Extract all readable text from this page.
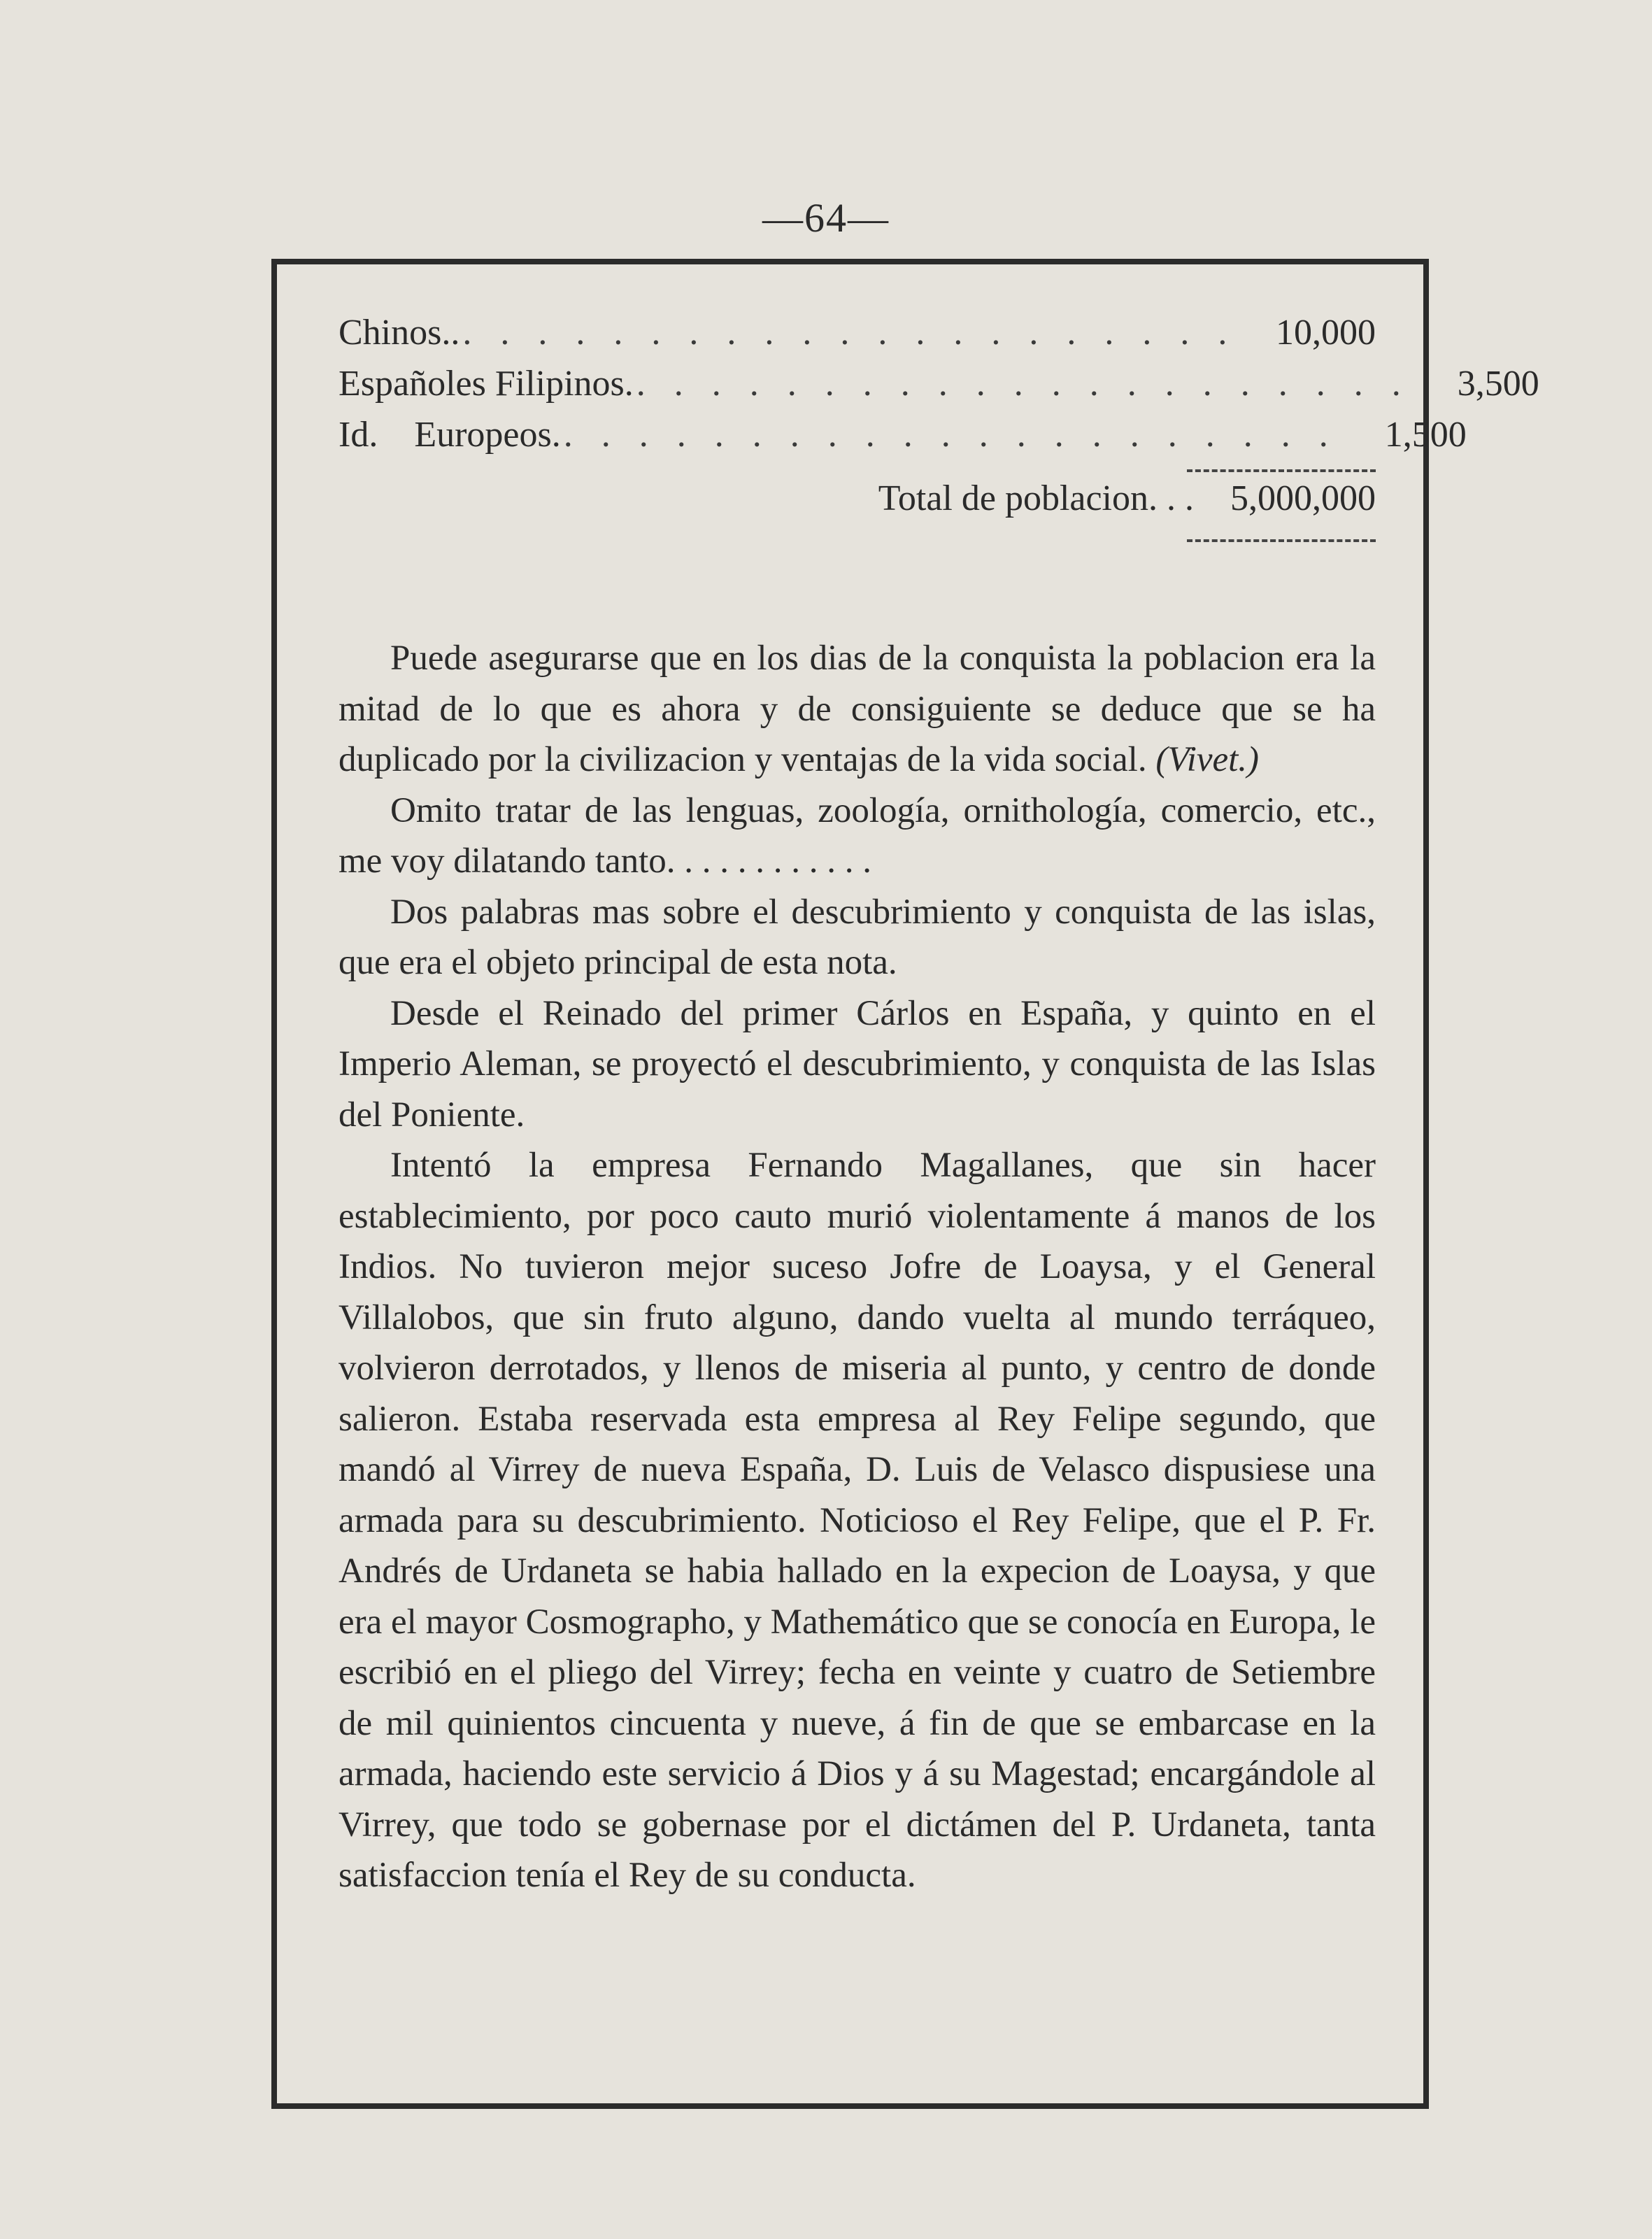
—64—
Chinos.. . . . . . . . . . . . . . . . . . . . . .	10,000
Españoles Filipinos. . . . . . . . . . . . . . . . . . . . . .	3,500
Id.    Europeos. . . . . . . . . . . . . . . . . . . . . .	1,500
Total de poblacion. . .	5,000,000

Puede asegurarse que en los dias de la conquista la poblacion era la mitad de lo que es ahora y de consiguiente se deduce que se ha duplicado por la civilizacion y ventajas de la vida social. (Vivet.)

Omito tratar de las lenguas, zoología, ornithología, comercio, etc., me voy dilatando tanto. . . . . . . . . . . .

Dos palabras mas sobre el descubrimiento y conquista de las islas, que era el objeto principal de esta nota.

Desde el Reinado del primer Cárlos en España, y quinto en el Imperio Aleman, se proyectó el descubrimiento, y conquista de las Islas del Poniente.

Intentó la empresa Fernando Magallanes, que sin hacer establecimiento, por poco cauto murió violentamente á manos de los Indios. No tuvieron mejor suceso Jofre de Loaysa, y el General Villalobos, que sin fruto alguno, dando vuelta al mundo terráqueo, volvieron derrotados, y llenos de miseria al punto, y centro de donde salieron. Estaba reservada esta empresa al Rey Felipe segundo, que mandó al Virrey de nueva España, D. Luis de Velasco dispusiese una armada para su descubrimiento. Noticioso el Rey Felipe, que el P. Fr. Andrés de Urdaneta se habia hallado en la expecion de Loaysa, y que era el mayor Cosmographo, y Mathemático que se conocía en Europa, le escribió en el pliego del Virrey; fecha en veinte y cuatro de Setiembre de mil quinientos cincuenta y nueve, á fin de que se embarcase en la armada, haciendo este servicio á Dios y á su Magestad; encargándole al Virrey, que todo se gobernase por el dictámen del P. Urdaneta, tanta satisfaccion tenía el Rey de su conducta.
